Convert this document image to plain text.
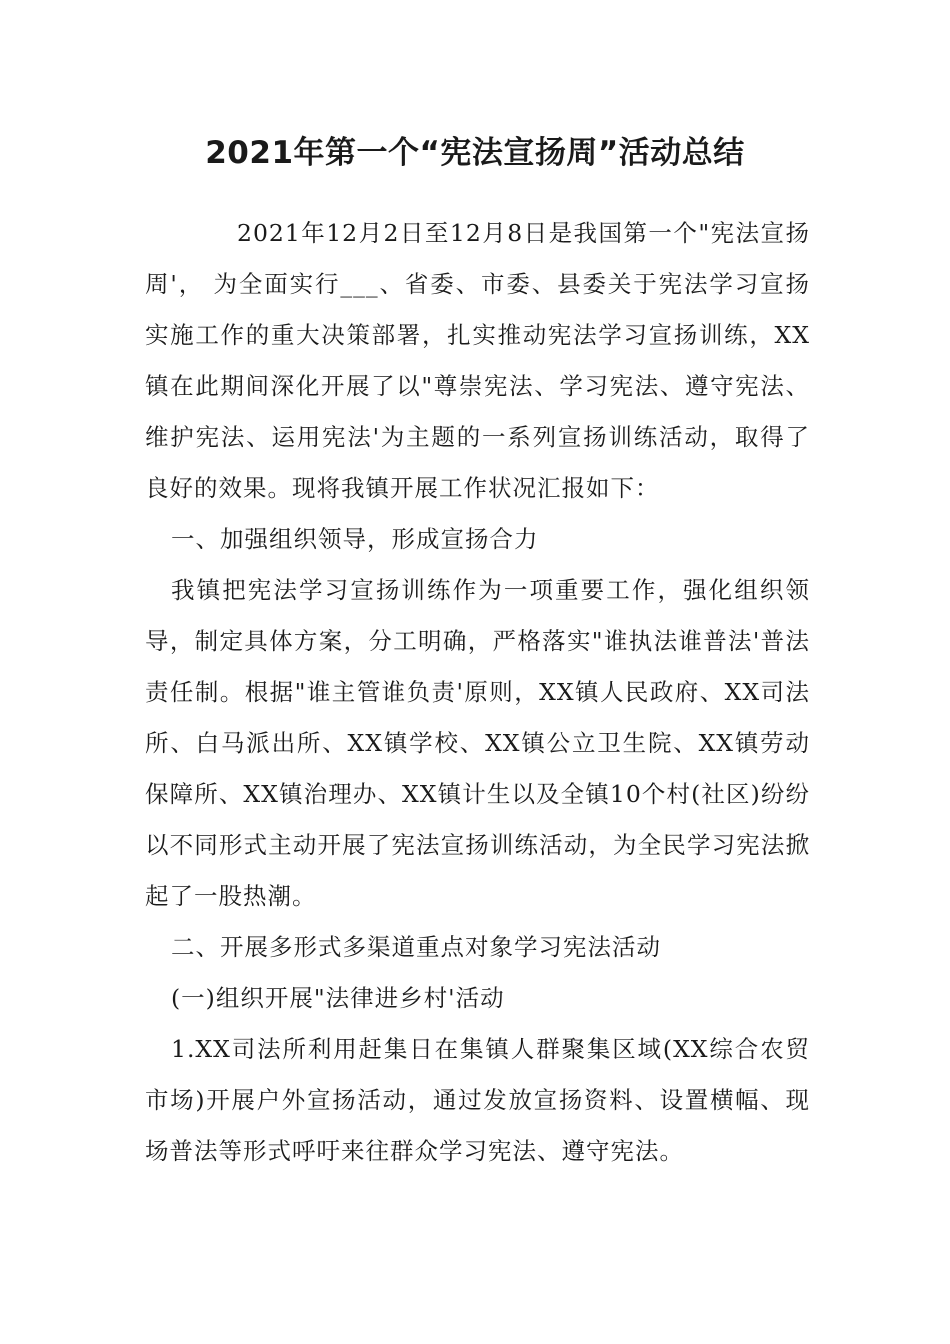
2021年第一个“宪法宣扬周”活动总结

2021年12月2日至12月8日是我国第一个"宪法宣扬周'， 为全面实行___、省委、市委、县委关于宪法学习宣扬实施工作的重大决策部署，扎实推动宪法学习宣扬训练，XX镇在此期间深化开展了以"尊崇宪法、学习宪法、遵守宪法、维护宪法、运用宪法'为主题的一系列宣扬训练活动，取得了良好的效果。现将我镇开展工作状况汇报如下：

一、加强组织领导，形成宣扬合力

我镇把宪法学习宣扬训练作为一项重要工作，强化组织领导，制定具体方案，分工明确，严格落实"谁执法谁普法'普法责任制。根据"谁主管谁负责'原则，XX镇人民政府、XX司法所、白马派出所、XX镇学校、XX镇公立卫生院、XX镇劳动保障所、XX镇治理办、XX镇计生以及全镇10个村(社区)纷纷以不同形式主动开展了宪法宣扬训练活动，为全民学习宪法掀起了一股热潮。

二、开展多形式多渠道重点对象学习宪法活动

(一)组织开展"法律进乡村'活动

1.XX司法所利用赶集日在集镇人群聚集区域(XX综合农贸市场)开展户外宣扬活动，通过发放宣扬资料、设置横幅、现场普法等形式呼吁来往群众学习宪法、遵守宪法。
